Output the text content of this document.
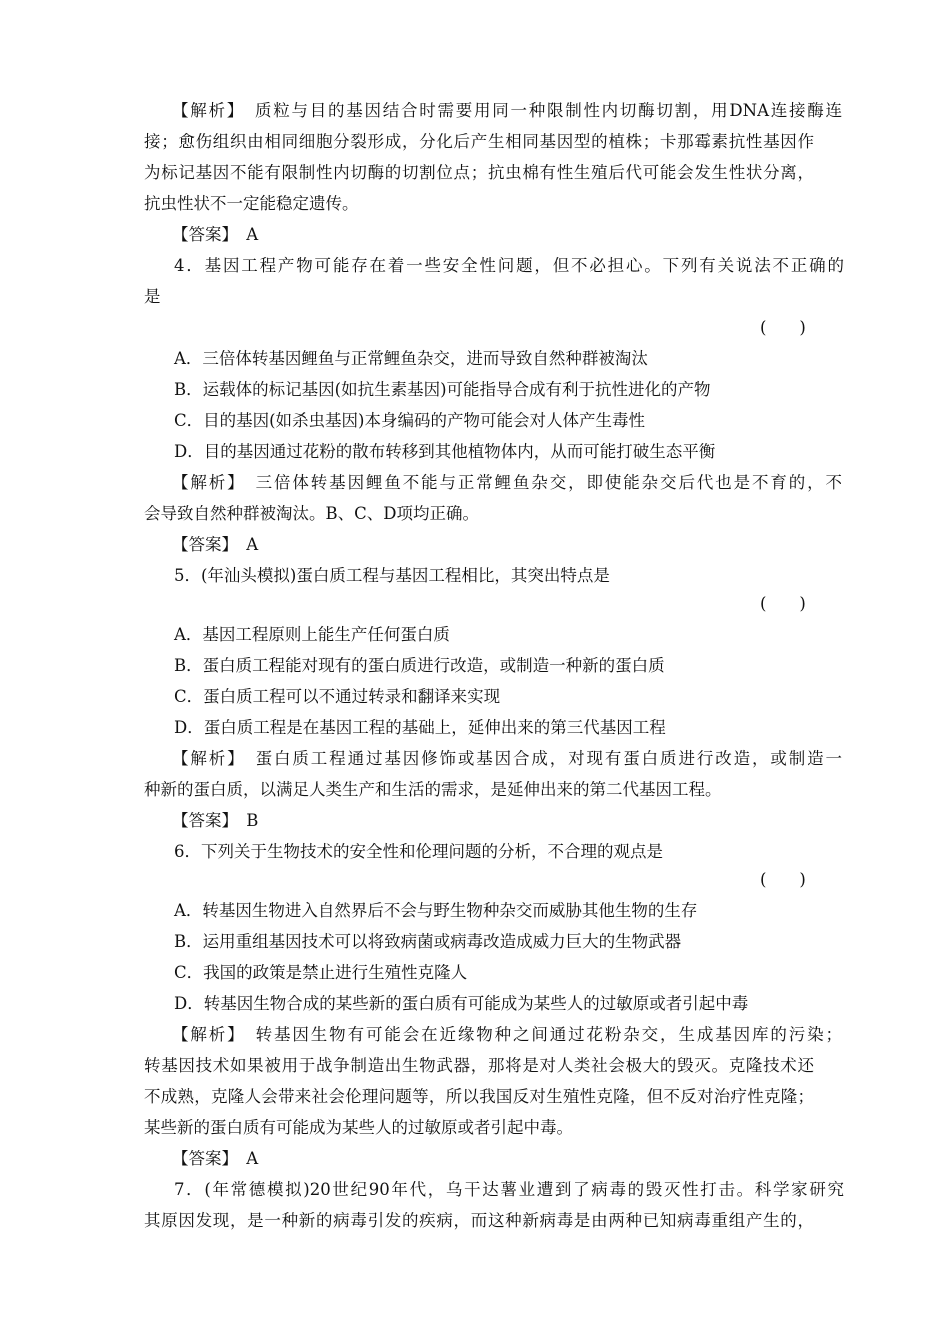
【解析】　质粒与目的基因结合时需要用同一种限制性内切酶切割，用DNA连接酶连
接；愈伤组织由相同细胞分裂形成，分化后产生相同基因型的植株；卡那霉素抗性基因作
为标记基因不能有限制性内切酶的切割位点；抗虫棉有性生殖后代可能会发生性状分离，
抗虫性状不一定能稳定遗传。
【答案】　A
4．基因工程产物可能存在着一些安全性问题，但不必担心。下列有关说法不正确的
是
(　　)
A．三倍体转基因鲤鱼与正常鲤鱼杂交，进而导致自然种群被淘汰
B．运载体的标记基因(如抗生素基因)可能指导合成有利于抗性进化的产物
C．目的基因(如杀虫基因)本身编码的产物可能会对人体产生毒性
D．目的基因通过花粉的散布转移到其他植物体内，从而可能打破生态平衡
【解析】　三倍体转基因鲤鱼不能与正常鲤鱼杂交，即使能杂交后代也是不育的，不
会导致自然种群被淘汰。B、C、D项均正确。
【答案】　A
5．(年汕头模拟)蛋白质工程与基因工程相比，其突出特点是
(　　)
A．基因工程原则上能生产任何蛋白质
B．蛋白质工程能对现有的蛋白质进行改造，或制造一种新的蛋白质
C．蛋白质工程可以不通过转录和翻译来实现
D．蛋白质工程是在基因工程的基础上，延伸出来的第三代基因工程
【解析】　蛋白质工程通过基因修饰或基因合成，对现有蛋白质进行改造，或制造一
种新的蛋白质，以满足人类生产和生活的需求，是延伸出来的第二代基因工程。
【答案】　B
6．下列关于生物技术的安全性和伦理问题的分析，不合理的观点是
(　　)
A．转基因生物进入自然界后不会与野生物种杂交而威胁其他生物的生存
B．运用重组基因技术可以将致病菌或病毒改造成威力巨大的生物武器
C．我国的政策是禁止进行生殖性克隆人
D．转基因生物合成的某些新的蛋白质有可能成为某些人的过敏原或者引起中毒
【解析】　转基因生物有可能会在近缘物种之间通过花粉杂交，生成基因库的污染；
转基因技术如果被用于战争制造出生物武器，那将是对人类社会极大的毁灭。克隆技术还
不成熟，克隆人会带来社会伦理问题等，所以我国反对生殖性克隆，但不反对治疗性克隆；
某些新的蛋白质有可能成为某些人的过敏原或者引起中毒。
【答案】　A
7．(年常德模拟)20世纪90年代，乌干达薯业遭到了病毒的毁灭性打击。科学家研究
其原因发现，是一种新的病毒引发的疾病，而这种新病毒是由两种已知病毒重组产生的，
